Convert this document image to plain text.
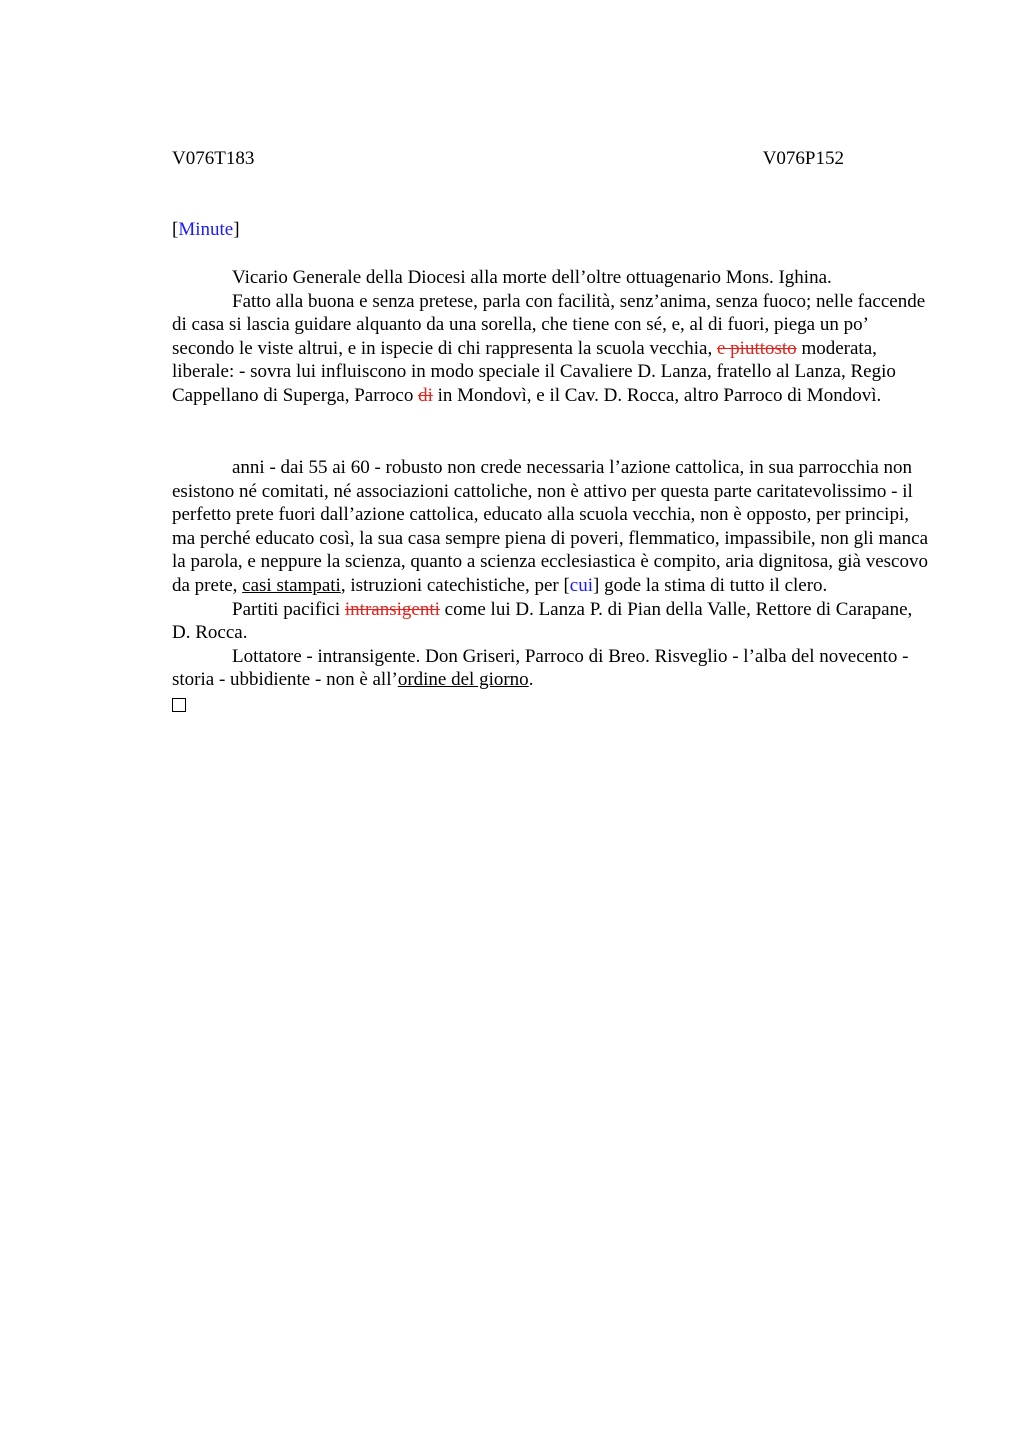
V076T183	V076P152
[Minute]

Vicario Generale della Diocesi alla morte dell’oltre ottuagenario Mons. Ighina.

Fatto alla buona e senza pretese, parla con facilità, senz’anima, senza fuoco; nelle faccende di casa si lascia guidare alquanto da una sorella, che tiene con sé, e, al di fuori, piega un po’ secondo le viste altrui, e in ispecie di chi rappresenta la scuola vecchia, e piuttosto moderata, liberale: - sovra lui influiscono in modo speciale il Cavaliere D. Lanza, fratello al Lanza, Regio Cappellano di Superga, Parroco di in Mondovì, e il Cav. D. Rocca, altro Parroco di Mondovì.

anni - dai 55 ai 60 - robusto non crede necessaria l’azione cattolica, in sua parrocchia non esistono né comitati, né associazioni cattoliche, non è attivo per questa parte caritatevolissimo - il perfetto prete fuori dall’azione cattolica, educato alla scuola vecchia, non è opposto, per principi, ma perché educato così, la sua casa sempre piena di poveri, flemmatico, impassibile, non gli manca la parola, e neppure la scienza, quanto a scienza ecclesiastica è compito, aria dignitosa, già vescovo da prete, casi stampati, istruzioni catechistiche, per [cui] gode la stima di tutto il clero.

Partiti pacifici intransigenti come lui D. Lanza P. di Pian della Valle, Rettore di Carapane, D. Rocca.

Lottatore - intransigente. Don Griseri, Parroco di Breo. Risveglio - l’alba del novecento - storia - ubbidiente - non è all’ordine del giorno.
